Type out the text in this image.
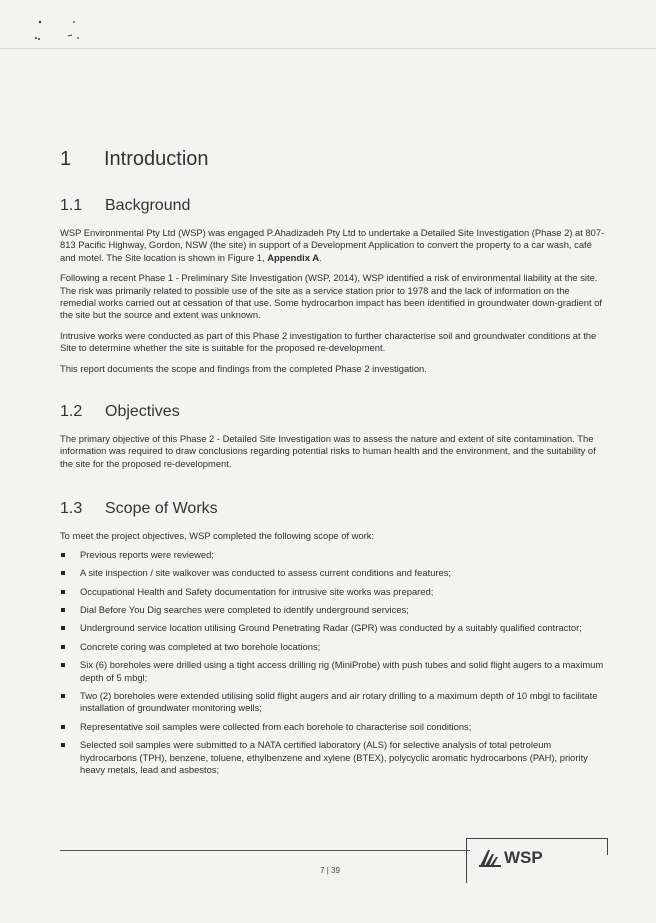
1	Introduction
1.1	Background

WSP Environmental Pty Ltd (WSP) was engaged P.Ahadizadeh Pty Ltd to undertake a Detailed Site Investigation (Phase 2) at 807-813 Pacific Highway, Gordon, NSW (the site) in support of a Development Application to convert the property to a car wash, café and motel. The Site location is shown in Figure 1, Appendix A.

Following a recent Phase 1 - Preliminary Site Investigation (WSP, 2014), WSP identified a risk of environmental liability at the site. The risk was primarily related to possible use of the site as a service station prior to 1978 and the lack of information on the remedial works carried out at cessation of that use. Some hydrocarbon impact has been identified in groundwater down-gradient of the site but the source and extent was unknown.

Intrusive works were conducted as part of this Phase 2 investigation to further characterise soil and groundwater conditions at the Site to determine whether the site is suitable for the proposed re-development.

This report documents the scope and findings from the completed Phase 2 investigation.

1.2	Objectives

The primary objective of this Phase 2 - Detailed Site Investigation was to assess the nature and extent of site contamination. The information was required to draw conclusions regarding potential risks to human health and the environment, and the suitability of the site for the proposed re-development.

1.3	Scope of Works

To meet the project objectives, WSP completed the following scope of work:

Previous reports were reviewed;
A site inspection / site walkover was conducted to assess current conditions and features;
Occupational Health and Safety documentation for intrusive site works was prepared;
Dial Before You Dig searches were completed to identify underground services;
Underground service location utilising Ground Penetrating Radar (GPR) was conducted by a suitably qualified contractor;
Concrete coring was completed at two borehole locations;
Six (6) boreholes were drilled using a tight access drilling rig (MiniProbe) with push tubes and solid flight augers to a maximum depth of 5 mbgl;
Two (2) boreholes were extended utilising solid flight augers and air rotary drilling to a maximum depth of 10 mbgl to facilitate installation of groundwater monitoring wells;
Representative soil samples were collected from each borehole to characterise soil conditions;
Selected soil samples were submitted to a NATA certified laboratory (ALS) for selective analysis of total petroleum hydrocarbons (TPH), benzene, toluene, ethylbenzene and xylene (BTEX), polycyclic aromatic hydrocarbons (PAH), priority heavy metals, lead and asbestos;
WSP
7 | 39
